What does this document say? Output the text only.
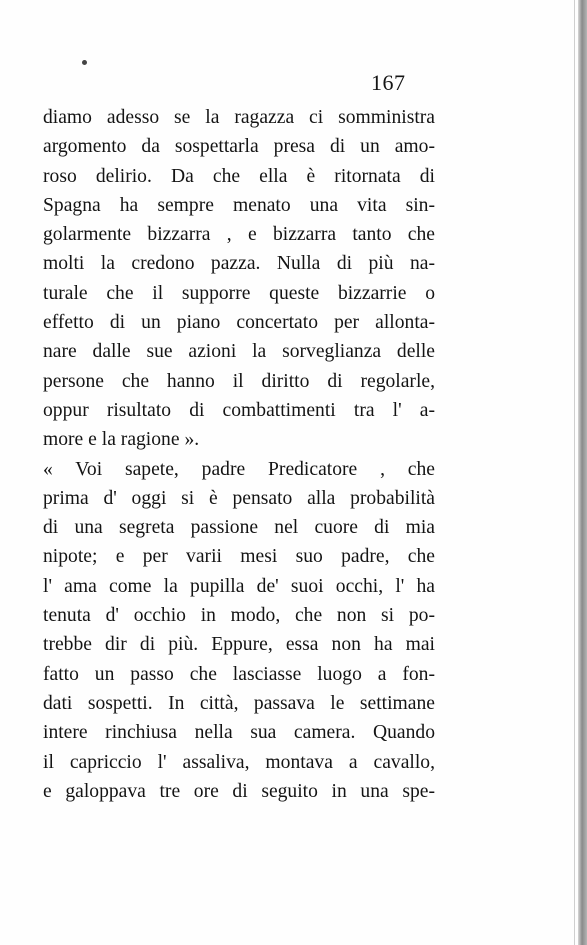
167
diamo adesso se la ragazza ci somministra
argomento da sospettarla presa di un amo-
roso delirio. Da che ella è ritornata di
Spagna ha sempre menato una vita sin-
golarmente bizzarra , e bizzarra tanto che
molti la credono pazza. Nulla di più na-
turale che il supporre queste bizzarrie o
effetto di un piano concertato per allonta-
nare dalle sue azioni la sorveglianza delle
persone che hanno il diritto di regolarle,
oppur risultato di combattimenti tra l' a-
more e la ragione ».
« Voi sapete, padre Predicatore , che
prima d' oggi si è pensato alla probabilità
di una segreta passione nel cuore di mia
nipote; e per varii mesi suo padre, che
l' ama come la pupilla de' suoi occhi, l' ha
tenuta d' occhio in modo, che non si po-
trebbe dir di più. Eppure, essa non ha mai
fatto un passo che lasciasse luogo a fon-
dati sospetti. In città, passava le settimane
intere rinchiusa nella sua camera. Quando
il capriccio l' assaliva, montava a cavallo,
e galoppava tre ore di seguito in una spe-
